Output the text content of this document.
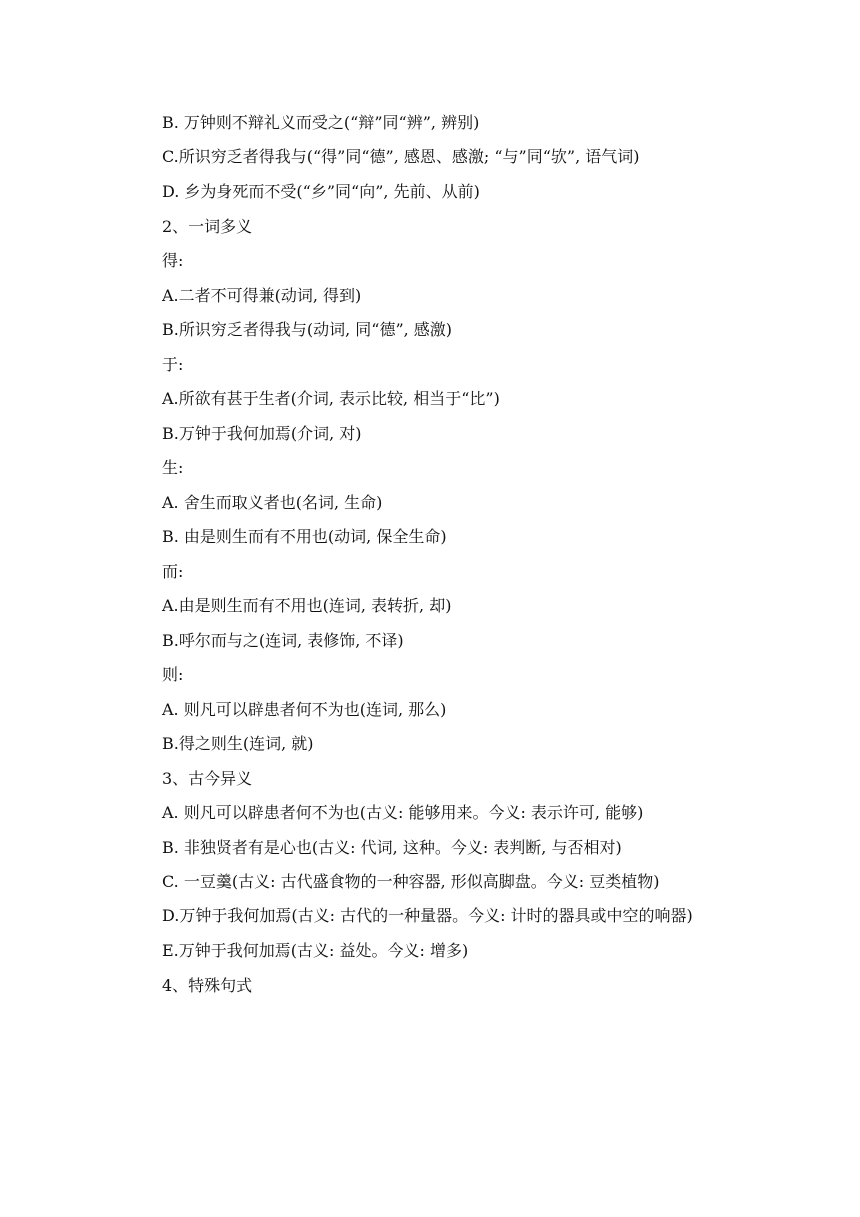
B. 万钟则不辩礼义而受之(“辩”同“辨”, 辨别)
C.所识穷乏者得我与(“得”同“德”, 感恩、感激; “与”同“欤”, 语气词)
D. 乡为身死而不受(“乡”同“向”, 先前、从前)
2、一词多义
得:
A.二者不可得兼(动词, 得到)
B.所识穷乏者得我与(动词, 同“德”, 感激)
于:
A.所欲有甚于生者(介词, 表示比较, 相当于“比”)
B.万钟于我何加焉(介词, 对)
生:
A. 舍生而取义者也(名词, 生命)
B. 由是则生而有不用也(动词, 保全生命)
而:
A.由是则生而有不用也(连词, 表转折, 却)
B.呼尔而与之(连词, 表修饰, 不译)
则:
A. 则凡可以辟患者何不为也(连词, 那么)
B.得之则生(连词, 就)
3、古今异义
A. 则凡可以辟患者何不为也(古义: 能够用来。今义: 表示许可, 能够)
B. 非独贤者有是心也(古义: 代词, 这种。今义: 表判断, 与否相对)
C. 一豆羹(古义: 古代盛食物的一种容器, 形似高脚盘。今义: 豆类植物)
D.万钟于我何加焉(古义: 古代的一种量器。今义: 计时的器具或中空的响器)
E.万钟于我何加焉(古义: 益处。今义: 增多)
4、特殊句式
